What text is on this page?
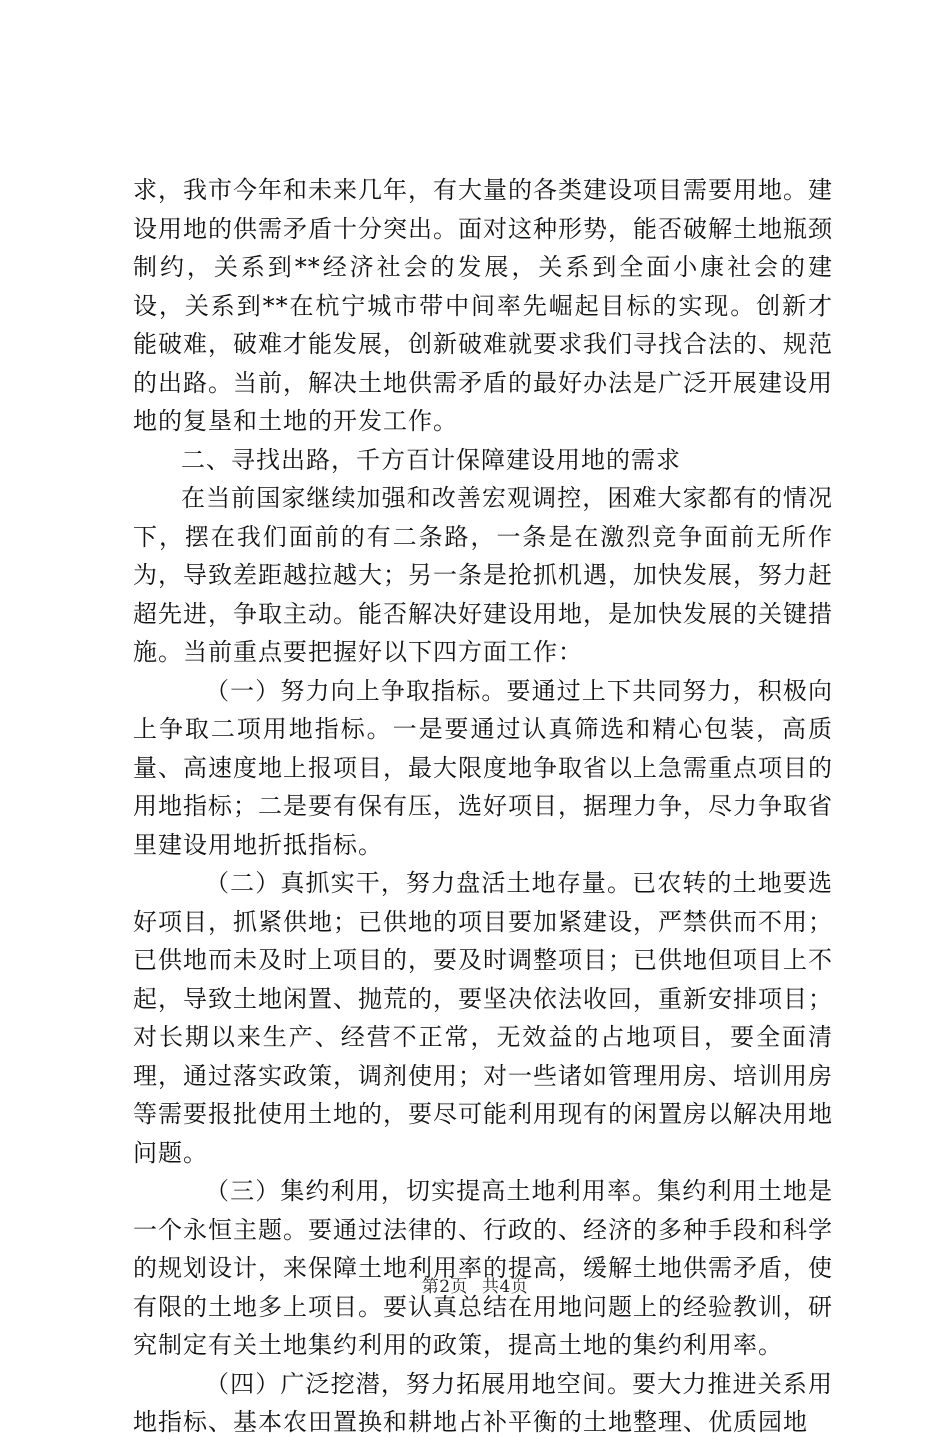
求，我市今年和未来几年，有大量的各类建设项目需要用地。建设用地的供需矛盾十分突出。面对这种形势，能否破解土地瓶颈制约，关系到**经济社会的发展，关系到全面小康社会的建设，关系到**在杭宁城市带中间率先崛起目标的实现。创新才能破难，破难才能发展，创新破难就要求我们寻找合法的、规范的出路。当前，解决土地供需矛盾的最好办法是广泛开展建设用地的复垦和土地的开发工作。

二、寻找出路，千方百计保障建设用地的需求

在当前国家继续加强和改善宏观调控，困难大家都有的情况下，摆在我们面前的有二条路，一条是在激烈竞争面前无所作为，导致差距越拉越大；另一条是抢抓机遇，加快发展，努力赶超先进，争取主动。能否解决好建设用地，是加快发展的关键措施。当前重点要把握好以下四方面工作：

（一）努力向上争取指标。要通过上下共同努力，积极向上争取二项用地指标。一是要通过认真筛选和精心包装，高质量、高速度地上报项目，最大限度地争取省以上急需重点项目的用地指标；二是要有保有压，选好项目，据理力争，尽力争取省里建设用地折抵指标。

（二）真抓实干，努力盘活土地存量。已农转的土地要选好项目，抓紧供地；已供地的项目要加紧建设，严禁供而不用；已供地而未及时上项目的，要及时调整项目；已供地但项目上不起，导致土地闲置、抛荒的，要坚决依法收回，重新安排项目；对长期以来生产、经营不正常，无效益的占地项目，要全面清理，通过落实政策，调剂使用；对一些诸如管理用房、培训用房等需要报批使用土地的，要尽可能利用现有的闲置房以解决用地问题。

（三）集约利用，切实提高土地利用率。集约利用土地是一个永恒主题。要通过法律的、行政的、经济的多种手段和科学的规划设计，来保障土地利用率的提高，缓解土地供需矛盾，使有限的土地多上项目。要认真总结在用地问题上的经验教训，研究制定有关土地集约利用的政策，提高土地的集约利用率。

（四）广泛挖潜，努力拓展用地空间。要大力推进关系用地指标、基本农田置换和耕地占补平衡的土地整理、优质园地

第2页 共4页
